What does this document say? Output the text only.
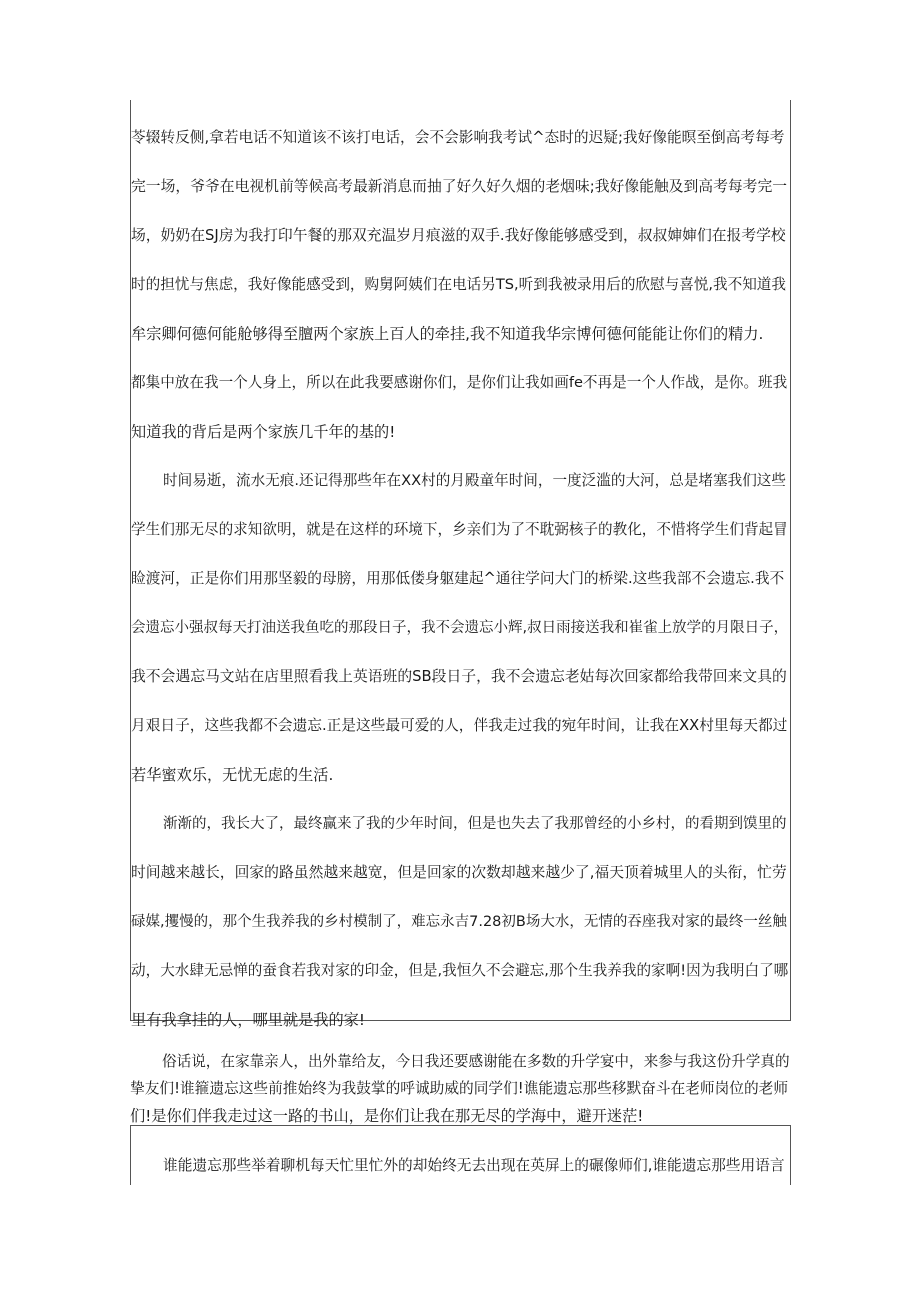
苓辍转反侧,拿若电话不知道该不该打电话，会不会影响我考试^态时的迟疑;我好像能暝至倒高考每考
完一场，爷爷在电视机前等候高考最新消息而抽了好久好久烟的老烟味;我好像能触及到高考每考完一
场，奶奶在SJ房为我打印午餐的那双充温岁月痕滋的双手.我好像能够感受到，叔叔婶婶们在报考学校
时的担忧与焦虑，我好像能感受到，购舅阿姨们在电话另TS,听到我被录用后的欣慰与喜悦,我不知道我
牟宗卿何德何能舱够得至膻两个家族上百人的牵挂,我不知道我华宗博何德何能能让你们的精力.
都集中放在我一个人身上，所以在此我要感谢你们，是你们让我如画fe不再是一个人作战，是你。班我
知道我的背后是两个家族几千年的基的!
时间易逝，流水无痕.还记得那些年在XX村的月殿童年时间，一度泛滥的大河，总是堵塞我们这些
学生们那无尽的求知欲明，就是在这样的环境下，乡亲们为了不耽弼核子的教化，不惜将学生们背起冒
睑渡河，正是你们用那坚毅的母膀，用那低偻身躯建起^通往学问大门的桥梁.这些我部不会遗忘.我不
会遗忘小强叔每天打油送我鱼吃的那段日子，我不会遗忘小辉,叔日雨接送我和崔雀上放学的月限日子，
我不会遇忘马文站在店里照看我上英语班的SB段日子，我不会遗忘老姑每次回家都给我带回来文具的
月艰日子，这些我都不会遗忘.正是这些最可爱的人，伴我走过我的宛年时间，让我在XX村里每天都过
若华蜜欢乐，无忧无虑的生活.
渐渐的，我长大了，最终赢来了我的少年时间，但是也失去了我那曾经的小乡村，的看期到馍里的
时间越来越长，回家的路虽然越来越宽，但是回家的次数却越来越少了,福天顶着城里人的头衔，忙劳
碌媒,攫慢的，那个生我养我的乡村模制了，难忘永吉7.28初B场大水，无情的吞座我对家的最终一丝触
动，大水肆无忌惮的蚕食若我对家的印金，但是,我恒久不会避忘,那个生我养我的家啊!因为我明白了哪
里有我拿挂的人，哪里就是我的家!
俗话说，在家靠亲人，出外靠给友，今日我还要感谢能在多数的升学宴中，来参与我这份升学真的
挚友们!谁箍遗忘这些前推始终为我鼓掌的呼诚助威的同学们!谯能遗忘那些移默奋斗在老师岗位的老师
们!是你们伴我走过这一路的书山，是你们让我在那无尽的学海中，避开迷茫!
谁能遗忘那些举着聊机每天忙里忙外的却始终无去出现在英屏上的碾像师们,谁能遗忘那些用语言
